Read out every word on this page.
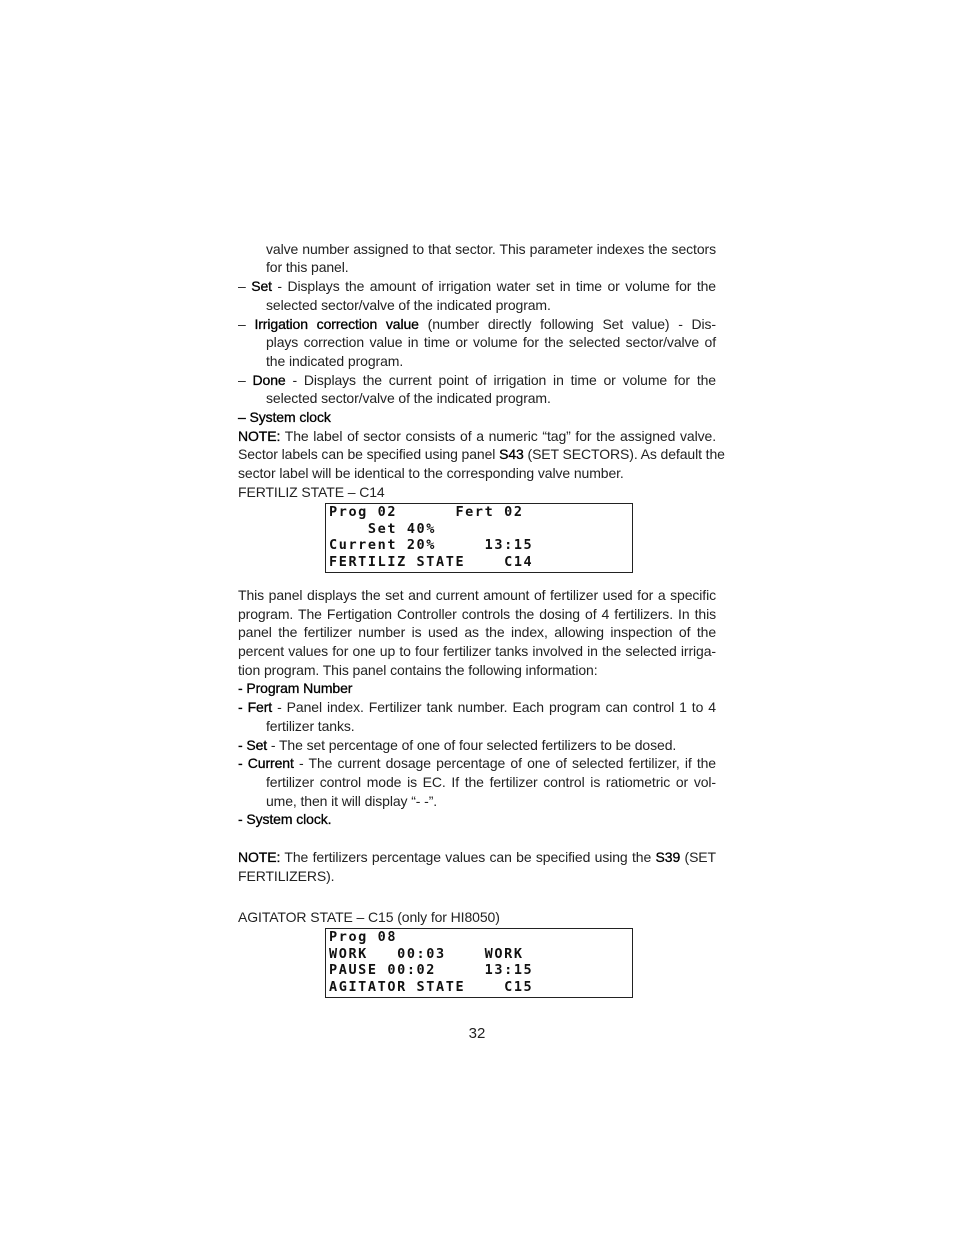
valve number assigned to that sector. This parameter indexes the sectors
for this panel.
– Set - Displays the amount of irrigation water set in time or volume for the
selected sector/valve of the indicated program.
– Irrigation correction value (number directly following Set value) - Dis-
plays correction value in time or volume for the selected sector/valve of
the indicated program.
– Done - Displays the current point of irrigation in time or volume for the
selected sector/valve of the indicated program.
– System clock
NOTE: The label of sector consists of a numeric “tag” for the assigned valve.
Sector labels can be specified using panel S43 (SET SECTORS). As default the
sector label will be identical to the corresponding valve number.
FERTILIZ STATE – C14
Prog 02      Fert 02
Set 40%
Current 20%     13:15
FERTILIZ STATE    C14
This panel displays the set and current amount of fertilizer used for a specific
program. The Fertigation Controller controls the dosing of 4 fertilizers. In this
panel the fertilizer number is used as the index, allowing inspection of the
percent values for one up to four fertilizer tanks involved in the selected irriga-
tion program. This panel contains the following information:
- Program Number
- Fert - Panel index. Fertilizer tank number. Each program can control 1 to 4
fertilizer tanks.
- Set - The set percentage of one of four selected fertilizers to be dosed.
- Current - The current dosage percentage of one of selected fertilizer, if the
fertilizer control mode is EC. If the fertilizer control is ratiometric or vol-
ume, then it will display “- -”.
- System clock.
NOTE: The fertilizers percentage values can be specified using the S39 (SET
FERTILIZERS).
AGITATOR STATE – C15 (only for HI8050)
Prog 08
WORK   00:03    WORK
PAUSE 00:02     13:15
AGITATOR STATE    C15
32
